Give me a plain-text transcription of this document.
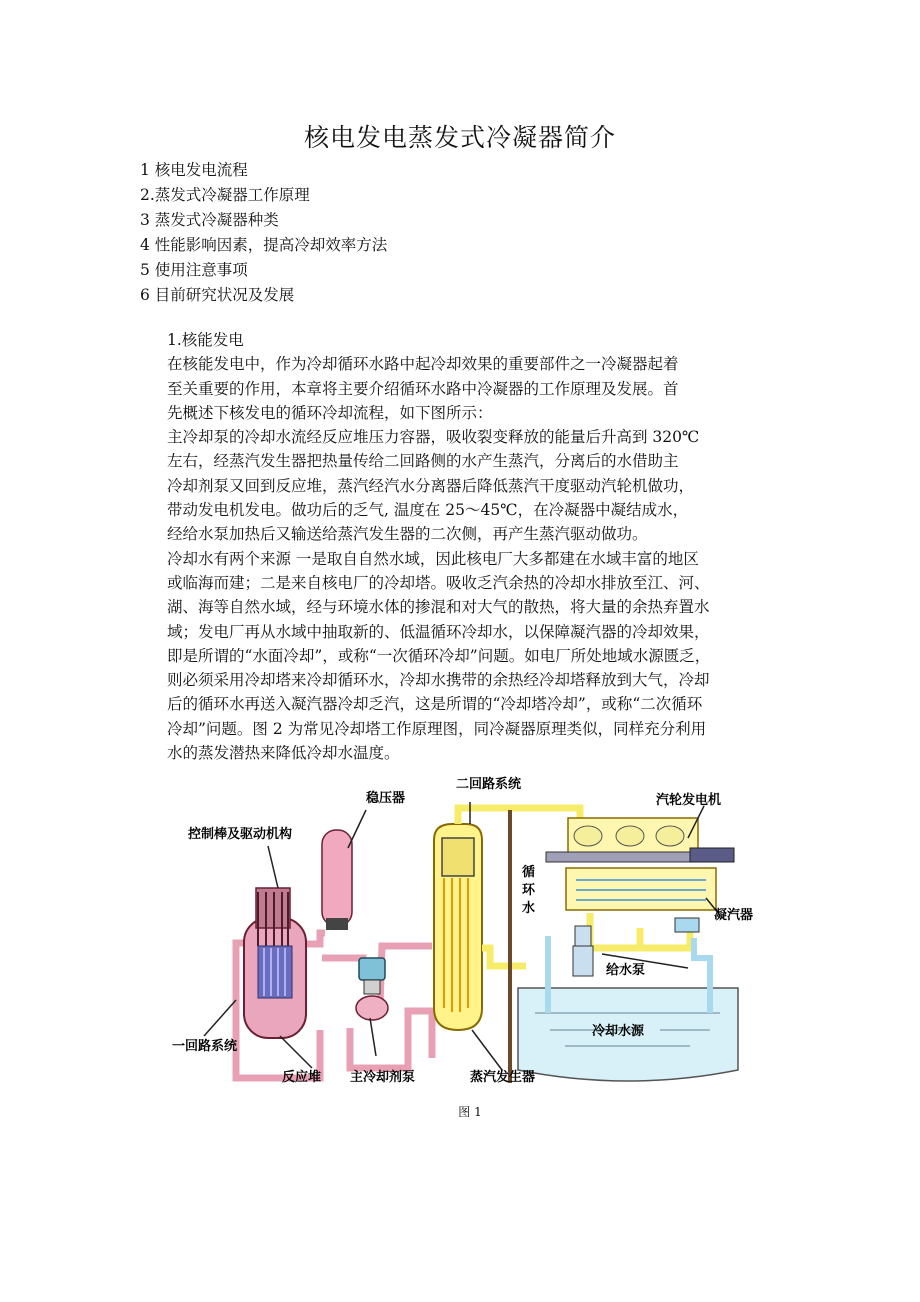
核电发电蒸发式冷凝器简介
1 核电发电流程
2.蒸发式冷凝器工作原理
3 蒸发式冷凝器种类
4 性能影响因素，提高冷却效率方法
5 使用注意事项
6 目前研究状况及发展
1.核能发电

在核能发电中，作为冷却循环水路中起冷却效果的重要部件之一冷凝器起着
至关重要的作用，本章将主要介绍循环水路中冷凝器的工作原理及发展。首
先概述下核发电的循环冷却流程，如下图所示：
主冷却泵的冷却水流经反应堆压力容器，吸收裂变释放的能量后升高到 320℃
左右，经蒸汽发生器把热量传给二回路侧的水产生蒸汽，分离后的水借助主
冷却剂泵又回到反应堆，蒸汽经汽水分离器后降低蒸汽干度驱动汽轮机做功，
带动发电机发电。做功后的乏气, 温度在 25～45℃，在冷凝器中凝结成水，
经给水泵加热后又输送给蒸汽发生器的二次侧，再产生蒸汽驱动做功。
冷却水有两个来源 一是取自自然水域，因此核电厂大多都建在水域丰富的地区
或临海而建；二是来自核电厂的冷却塔。吸收乏汽余热的冷却水排放至江、河、
湖、海等自然水域，经与环境水体的掺混和对大气的散热，将大量的余热弃置水
域；发电厂再从水域中抽取新的、低温循环冷却水，以保障凝汽器的冷却效果，
即是所谓的“水面冷却”，或称“一次循环冷却”问题。如电厂所处地域水源匮乏，
则必须采用冷却塔来冷却循环水，冷却水携带的余热经冷却塔释放到大气，冷却
后的循环水再送入凝汽器冷却乏汽，这是所谓的“冷却塔冷却”，或称“二次循环
冷却”问题。图 2 为常见冷却塔工作原理图，同冷凝器原理类似，同样充分利用
水的蒸发潜热来降低冷却水温度。

稳压器
二回路系统
汽轮发电机
控制棒及驱动机构
循
环
水	凝汽器
给水泵
冷却水源
一回路系统
反应堆 主冷却剂泵	蒸汽发生器
图 1
